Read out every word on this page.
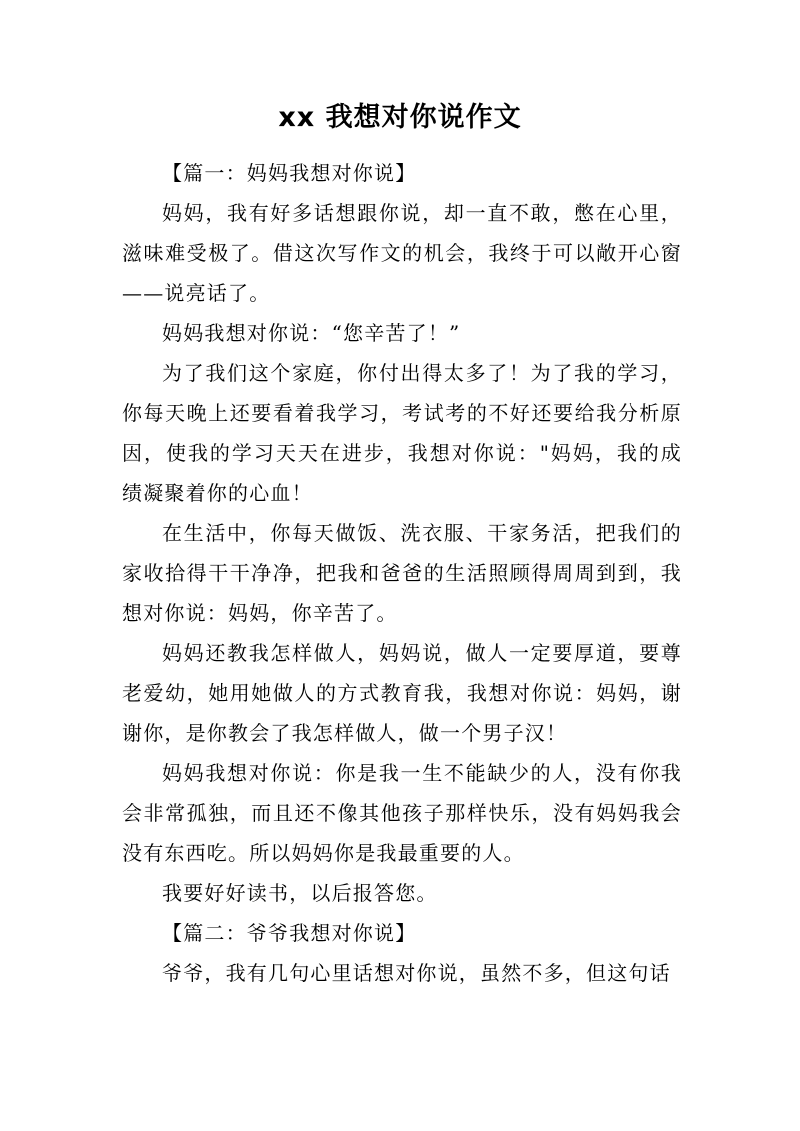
xx 我想对你说作文

【篇一：妈妈我想对你说】

妈妈，我有好多话想跟你说，却一直不敢，憋在心里，滋味难受极了。借这次写作文的机会，我终于可以敞开心窗——说亮话了。

妈妈我想对你说：“您辛苦了！”

为了我们这个家庭，你付出得太多了！为了我的学习，你每天晚上还要看着我学习，考试考的不好还要给我分析原因，使我的学习天天在进步，我想对你说："妈妈，我的成绩凝聚着你的心血！

在生活中，你每天做饭、洗衣服、干家务活，把我们的家收拾得干干净净，把我和爸爸的生活照顾得周周到到，我想对你说：妈妈，你辛苦了。

妈妈还教我怎样做人，妈妈说，做人一定要厚道，要尊老爱幼，她用她做人的方式教育我，我想对你说：妈妈，谢谢你，是你教会了我怎样做人，做一个男子汉！

妈妈我想对你说：你是我一生不能缺少的人，没有你我会非常孤独，而且还不像其他孩子那样快乐，没有妈妈我会没有东西吃。所以妈妈你是我最重要的人。

我要好好读书，以后报答您。

【篇二：爷爷我想对你说】

爷爷，我有几句心里话想对你说，虽然不多，但这句话
